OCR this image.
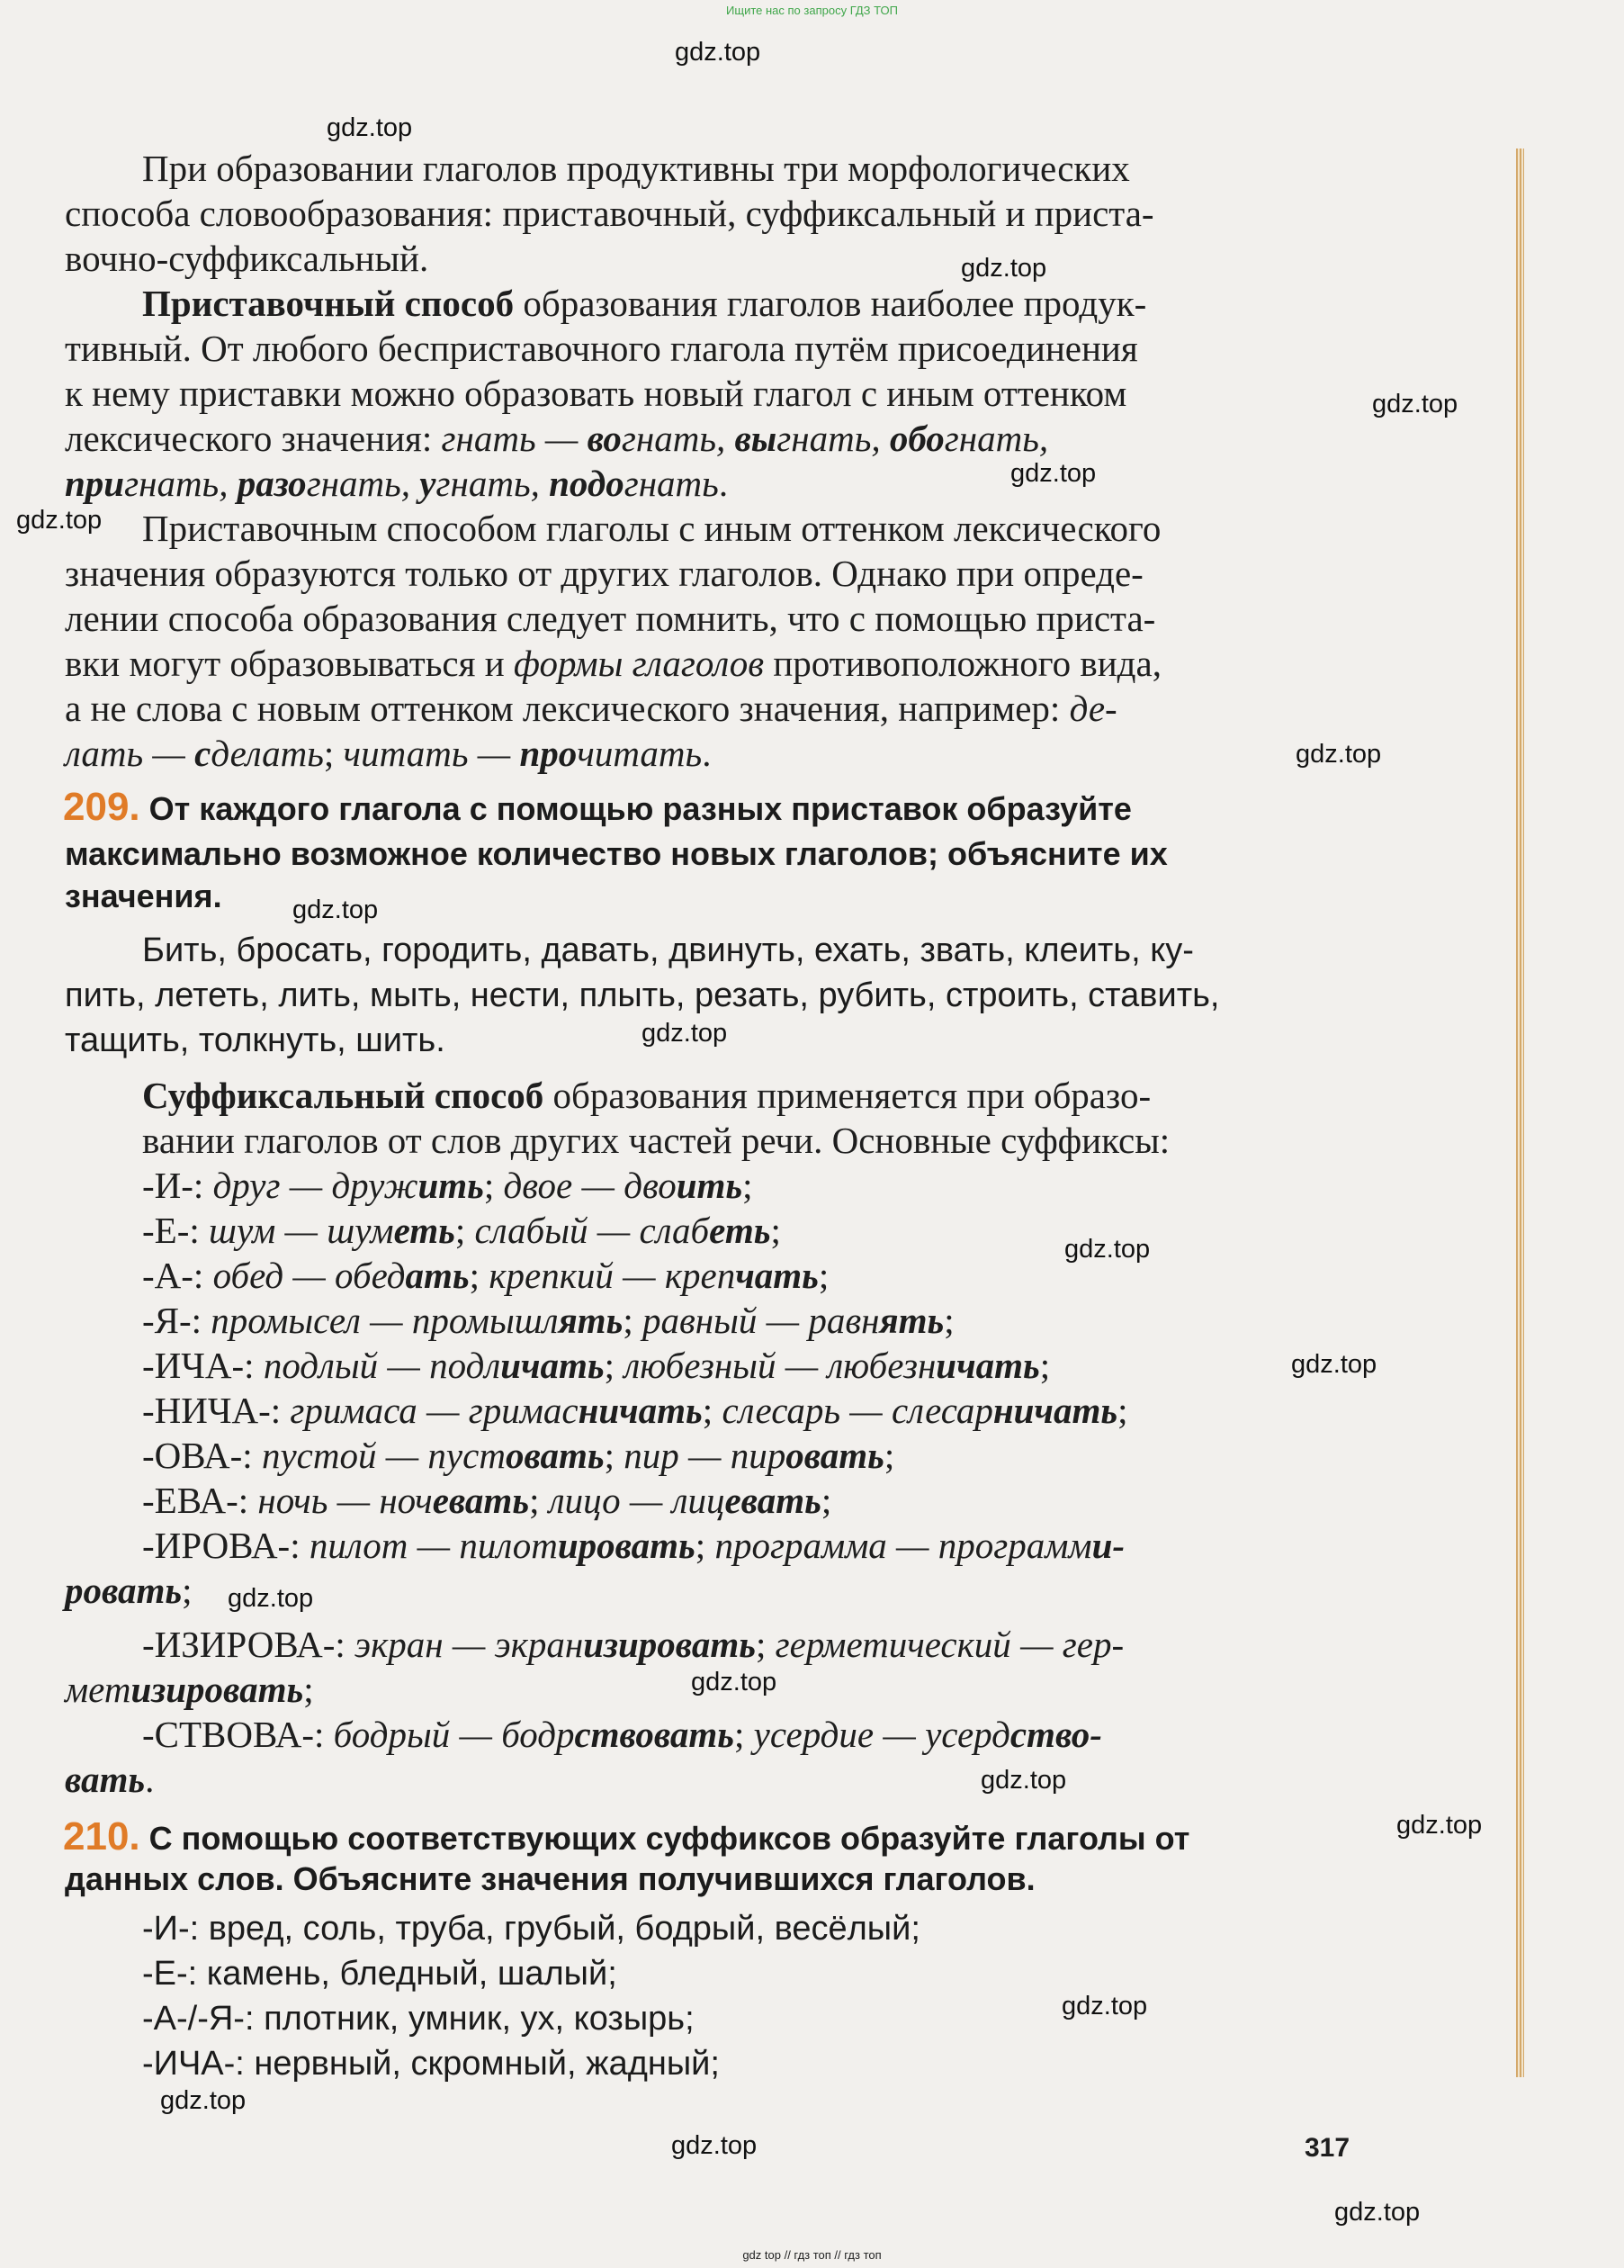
Ищите нас по запросу ГДЗ ТОП
gdz.top
gdz.top
gdz.top
gdz.top
gdz.top
gdz.top
gdz.top
gdz.top
gdz.top
gdz.top
gdz.top
gdz.top
gdz.top
gdz.top
gdz.top
gdz.top
gdz.top
gdz.top
gdz.top
При образовании глаголов продуктивны три морфологических
способа словообразования: приставочный, суффиксальный и приста-
вочно-суффиксальный.
Приставочный способ образования глаголов наиболее продук-
тивный. От любого бесприставочного глагола путём присоединения
к нему приставки можно образовать новый глагол с иным оттенком
лексического значения: гнать — вогнать, выгнать, обогнать,
пригнать, разогнать, угнать, подогнать.
Приставочным способом глаголы с иным оттенком лексического
значения образуются только от других глаголов. Однако при опреде-
лении способа образования следует помнить, что с помощью приста-
вки могут образовываться и формы глаголов противоположного вида,
а не слова с новым оттенком лексического значения, например: де-
лать — сделать; читать — прочитать.
209. От каждого глагола с помощью разных приставок образуйте
максимально возможное количество новых глаголов; объясните их
значения.
Бить, бросать, городить, давать, двинуть, ехать, звать, клеить, ку-
пить, лететь, лить, мыть, нести, плыть, резать, рубить, строить, ставить,
тащить, толкнуть, шить.
Суффиксальный способ образования применяется при образо-
вании глаголов от слов других частей речи. Основные суффиксы:
-И-: друг — дружить; двое — двоить;
-Е-: шум — шуметь; слабый — слабеть;
-А-: обед — обедать; крепкий — крепчать;
-Я-: промысел — промышлять; равный — равнять;
-ИЧА-: подлый — подличать; любезный — любезничать;
-НИЧА-: гримаса — гримасничать; слесарь — слесарничать;
-ОВА-: пустой — пустовать; пир — пировать;
-ЕВА-: ночь — ночевать; лицо — лицевать;
-ИРОВА-: пилот — пилотировать; программа — программи-
ровать;
-ИЗИРОВА-: экран — экранизировать; герметический — гер-
метизировать;
-СТВОВА-: бодрый — бодрствовать; усердие — усердство-
вать.
210. С помощью соответствующих суффиксов образуйте глаголы от
данных слов. Объясните значения получившихся глаголов.
-И-: вред, соль, труба, грубый, бодрый, весёлый;
-Е-: камень, бледный, шалый;
-А-/-Я-: плотник, умник, ух, козырь;
-ИЧА-: нервный, скромный, жадный;
317
gdz top // гдз топ // гдз топ
